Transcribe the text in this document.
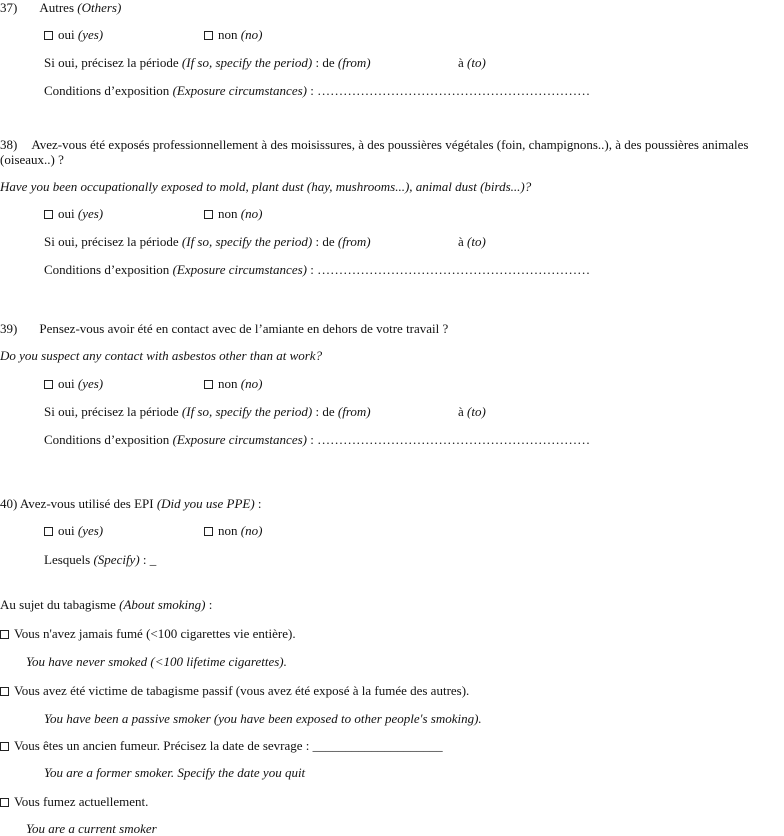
37) Autres (Others)
oui (yes)	non (no)
Si oui, précisez la période (If so, specify the period) : de (from)	à (to)
Conditions d’exposition (Exposure circumstances) : ………………………………………………………
38) Avez-vous été exposés professionnellement à des moisissures, à des poussières végétales (foin, champignons..), à des poussières animales (oiseaux..) ?
Have you been occupationally exposed to mold, plant dust (hay, mushrooms...), animal dust (birds...)?
oui (yes)	non (no)
Si oui, précisez la période (If so, specify the period) : de (from)	à (to)
Conditions d’exposition (Exposure circumstances) : ………………………………………………………
39) Pensez-vous avoir été en contact avec de l’amiante en dehors de votre travail ?
Do you suspect any contact with asbestos other than at work?
oui (yes)	non (no)
Si oui, précisez la période (If so, specify the period) : de (from)	à (to)
Conditions d’exposition (Exposure circumstances) : ………………………………………………………
40) Avez-vous utilisé des EPI (Did you use PPE) :
oui (yes)	non (no)
Lesquels (Specify) : _
Au sujet du tabagisme (About smoking) :
Vous n'avez jamais fumé (<100 cigarettes vie entière).
You have never smoked (<100 lifetime cigarettes).
Vous avez été victime de tabagisme passif (vous avez été exposé à la fumée des autres).
You have been a passive smoker (you have been exposed to other people's smoking).
Vous êtes un ancien fumeur. Précisez la date de sevrage : ____________________
You are a former smoker. Specify the date you quit
Vous fumez actuellement.
You are a current smoker
